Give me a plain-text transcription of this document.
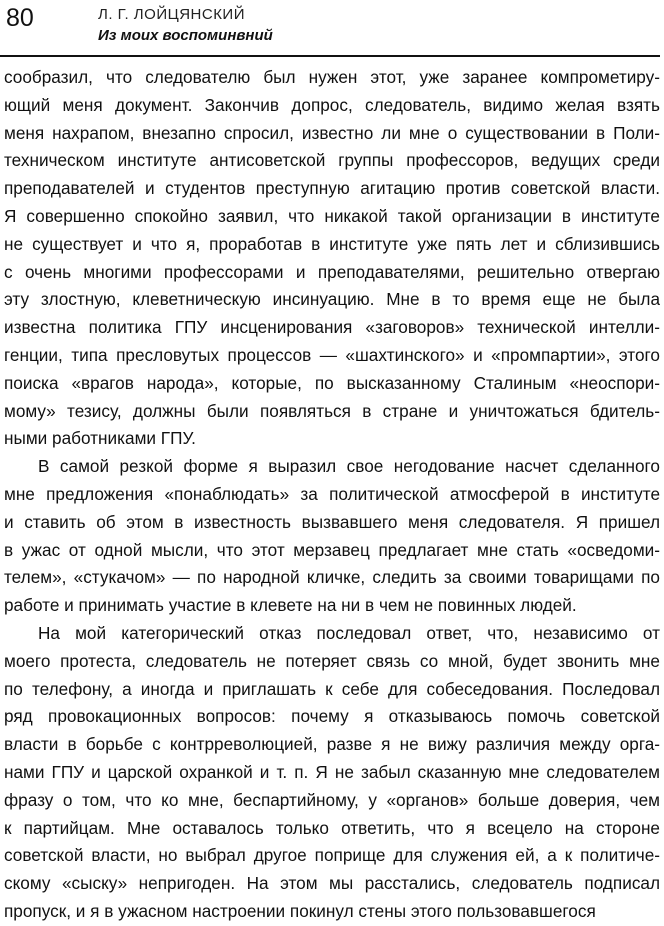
80	Л. Г. ЛОЙЦЯНСКИЙ
Из моих воспоминвний
сообразил, что следователю был нужен этот, уже заранее компрометиру-
ющий меня документ. Закончив допрос, следователь, видимо желая взять
меня нахрапом, внезапно спросил, известно ли мне о существовании в Поли-
техническом институте антисоветской группы профессоров, ведущих среди
преподавателей и студентов преступную агитацию против советской власти.
Я совершенно спокойно заявил, что никакой такой организации в институте
не существует и что я, проработав в институте уже пять лет и сблизившись
с очень многими профессорами и преподавателями, решительно отвергаю
эту злостную, клеветническую инсинуацию. Мне в то время еще не была
известна политика ГПУ инсценирования «заговоров» технической интелли-
генции, типа пресловутых процессов — «шахтинского» и «промпартии», этого
поиска «врагов народа», которые, по высказанному Сталиным «неоспори-
мому» тезису, должны были появляться в стране и уничтожаться бдитель-
ными работниками ГПУ.
В самой резкой форме я выразил свое негодование насчет сделанного
мне предложения «понаблюдать» за политической атмосферой в институте
и ставить об этом в известность вызвавшего меня следователя. Я пришел
в ужас от одной мысли, что этот мерзавец предлагает мне стать «осведоми-
телем», «стукачом» — по народной кличке, следить за своими товарищами по
работе и принимать участие в клевете на ни в чем не повинных людей.
На мой категорический отказ последовал ответ, что, независимо от
моего протеста, следователь не потеряет связь со мной, будет звонить мне
по телефону, а иногда и приглашать к себе для собеседования. Последовал
ряд провокационных вопросов: почему я отказываюсь помочь советской
власти в борьбе с контрреволюцией, разве я не вижу различия между орга-
нами ГПУ и царской охранкой и т. п. Я не забыл сказанную мне следователем
фразу о том, что ко мне, беспартийному, у «органов» больше доверия, чем
к партийцам. Мне оставалось только ответить, что я всецело на стороне
советской власти, но выбрал другое поприще для служения ей, а к политиче-
скому «сыску» непригоден. На этом мы расстались, следователь подписал
пропуск, и я в ужасном настроении покинул стены этого пользовавшегося
